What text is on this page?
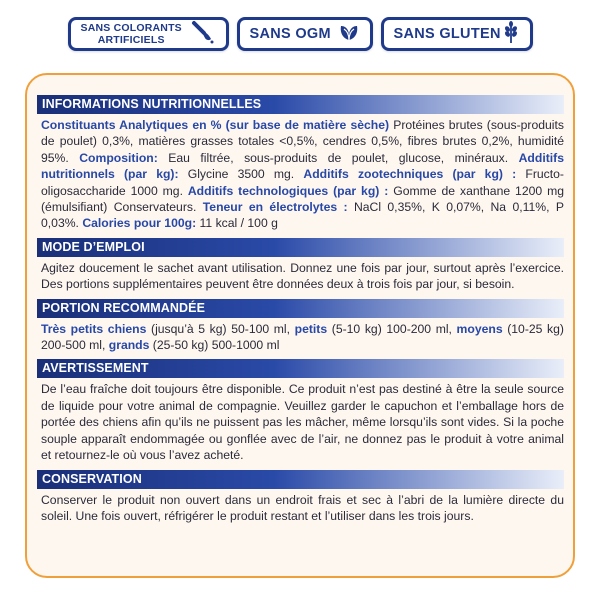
SANS COLORANTS
ARTIFICIELS	SANS OGM	SANS GLUTEN
INFORMATIONS NUTRITIONNELLES
Constituants Analytiques en % (sur base de matière sèche) Protéines brutes (sous-produits de poulet) 0,3%, matières grasses totales <0,5%, cendres 0,5%, fibres brutes 0,2%, humidité 95%. Composition: Eau filtrée, sous-produits de poulet, glucose, minéraux. Additifs nutritionnels (par kg): Glycine 3500 mg. Additifs zootechniques (par kg) : Fructo-oligosaccharide 1000 mg. Additifs technologiques (par kg) : Gomme de xanthane 1200 mg (émulsifiant) Conservateurs. Teneur en électrolytes : NaCl 0,35%, K 0,07%, Na 0,11%, P 0,03%. Calories pour 100g: 11 kcal / 100 g
MODE D’EMPLOI
Agitez doucement le sachet avant utilisation. Donnez une fois par jour, surtout après l’exercice. Des portions supplémentaires peuvent être données deux à trois fois par jour, si besoin.
PORTION RECOMMANDÉE
Très petits chiens (jusqu’à 5 kg) 50-100 ml, petits (5-10 kg) 100-200 ml, moyens (10-25 kg) 200-500 ml, grands (25-50 kg) 500-1000 ml
AVERTISSEMENT
De l’eau fraîche doit toujours être disponible. Ce produit n’est pas destiné à être la seule source de liquide pour votre animal de compagnie. Veuillez garder le capuchon et l’emballage hors de portée des chiens afin qu’ils ne puissent pas les mâcher, même lorsqu’ils sont vides. Si la poche souple apparaît endommagée ou gonflée avec de l’air, ne donnez pas le produit à votre animal et retournez-le où vous l’avez acheté.
CONSERVATION
Conserver le produit non ouvert dans un endroit frais et sec à l’abri de la lumière directe du soleil. Une fois ouvert, réfrigérer le produit restant et l’utiliser dans les trois jours.
